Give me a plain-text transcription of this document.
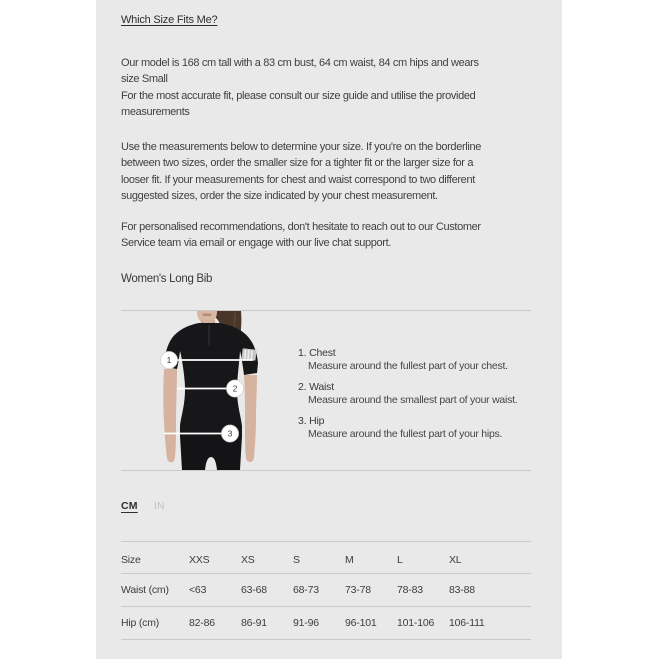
Which Size Fits Me?
Our model is 168 cm tall with a 83 cm bust, 64 cm waist, 84 cm hips and wears
size Small
For the most accurate fit, please consult our size guide and utilise the provided
measurements
Use the measurements below to determine your size. If you're on the borderline
between two sizes, order the smaller size for a tighter fit or the larger size for a
looser fit. If your measurements for chest and waist correspond to two different
suggested sizes, order the size indicated by your chest measurement.
For personalised recommendations, don't hesitate to reach out to our Customer
Service team via email or engage with our live chat support.
Women's Long Bib
1
2
3
1. Chest
Measure around the fullest part of your chest.
2. Waist
Measure around the smallest part of your waist.
3. Hip
Measure around the fullest part of your hips.
CM IN
Size	XXS	XS	S	M	L	XL
Waist (cm)	<63	63-68	68-73	73-78	78-83	83-88
Hip (cm)	82-86	86-91	91-96	96-101	101-106	106-111
